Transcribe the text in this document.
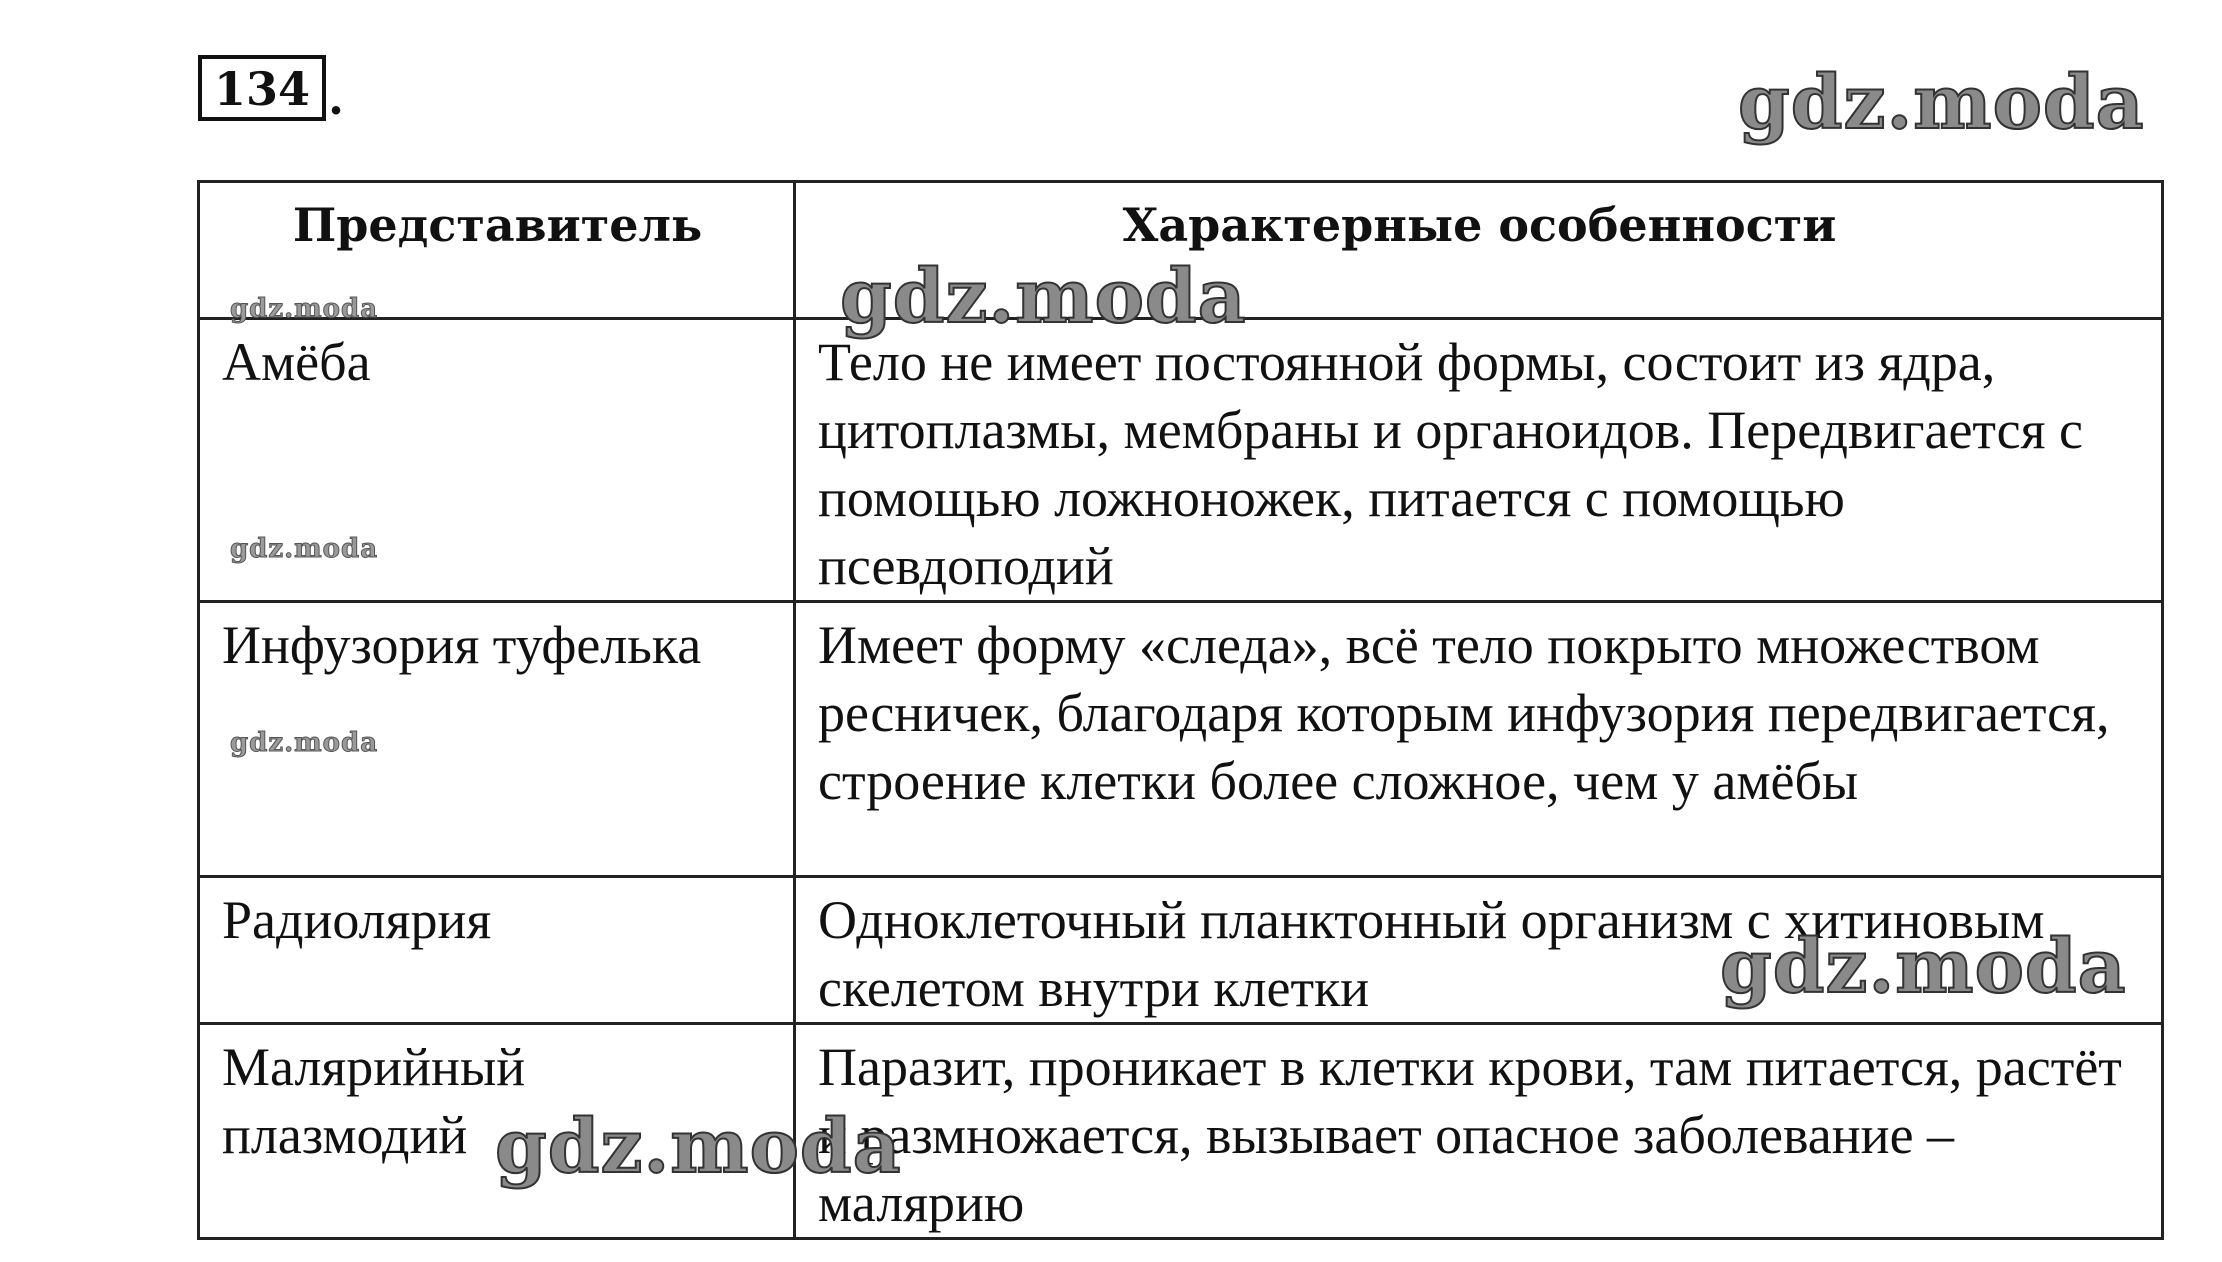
134 .
Представитель	Характерные особенности
Амёба	Тело не имеет постоянной формы, состоит из ядра, цитоплазмы, мембраны и органоидов. Передвигается с помощью ложноножек, питается с помощью псевдоподий
Инфузория туфелька	Имеет форму «следа», всё тело покрыто множеством ресничек, благодаря которым инфузория передвигается, строение клетки более сложное, чем у амёбы
Радиолярия	Одноклеточный планктонный организм с хитиновым скелетом внутри клетки
Малярийный плазмодий	Паразит, проникает в клетки крови, там питается, растёт и размножается, вызывает опасное заболевание – малярию
gdz.moda
gdz.moda
gdz.moda
gdz.moda
gdz.moda
gdz.moda
gdz.moda
